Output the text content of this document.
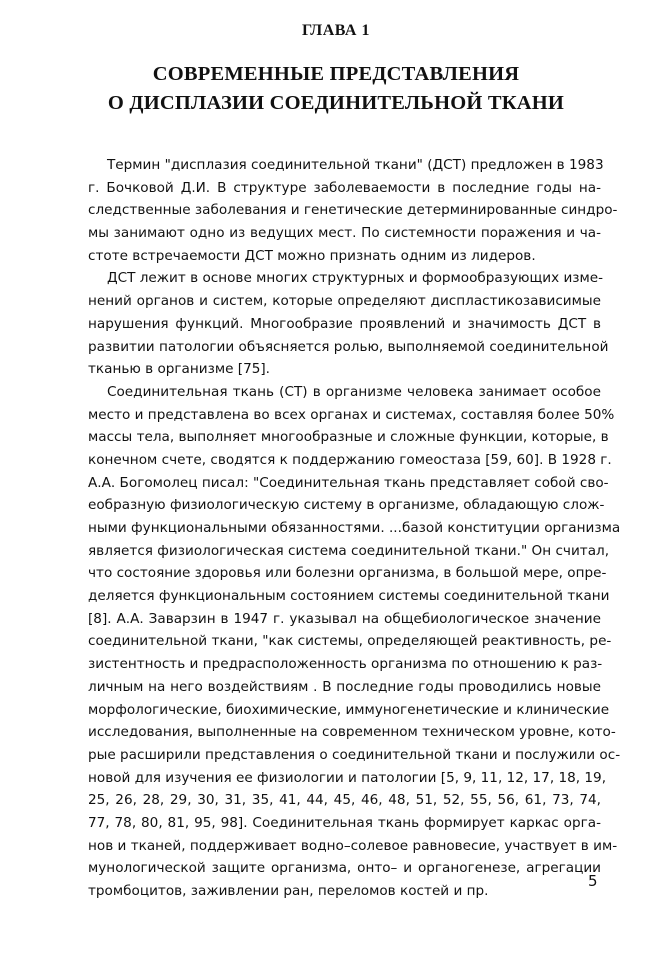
ГЛАВА 1
СОВРЕМЕННЫЕ ПРЕДСТАВЛЕНИЯ
О ДИСПЛАЗИИ СОЕДИНИТЕЛЬНОЙ ТКАНИ
Термин "дисплазия соединительной ткани" (ДСТ) предложен в 1983
г. Бочковой Д.И. В структуре заболеваемости в последние годы на-
следственные заболевания и генетические детерминированные синдро-
мы занимают одно из ведущих мест. По системности поражения и ча-
стоте встречаемости ДСТ можно признать одним из лидеров.
ДСТ лежит в основе многих структурных и формообразующих изме-
нений органов и систем, которые определяют диспластикозависимые
нарушения функций. Многообразие проявлений и значимость ДСТ в
развитии патологии объясняется ролью, выполняемой соединительной
тканью в организме [75].
Соединительная ткань (СТ) в организме человека занимает особое
место и представлена во всех органах и системах, составляя более 50%
массы тела, выполняет многообразные и сложные функции, которые, в
конечном счете, сводятся к поддержанию гомеостаза [59, 60]. В 1928 г.
А.А. Богомолец писал: "Соединительная ткань представляет собой сво-
еобразную физиологическую систему в организме, обладающую слож-
ными функциональными обязанностями. ...базой конституции организма
является физиологическая система соединительной ткани." Он считал,
что состояние здоровья или болезни организма, в большой мере, опре-
деляется функциональным состоянием системы соединительной ткани
[8]. А.А. Заварзин в 1947 г. указывал на общебиологическое значение
соединительной ткани, "как системы, определяющей реактивность, ре-
зистентность и предрасположенность организма по отношению к раз-
личным на него воздействиям . В последние годы проводились новые
морфологические, биохимические, иммуногенетические и клинические
исследования, выполненные на современном техническом уровне, кото-
рые расширили представления о соединительной ткани и послужили ос-
новой для изучения ее физиологии и патологии [5, 9, 11, 12, 17, 18, 19,
25, 26, 28, 29, 30, 31, 35, 41, 44, 45, 46, 48, 51, 52, 55, 56, 61, 73, 74,
77, 78, 80, 81, 95, 98]. Соединительная ткань формирует каркас орга-
нов и тканей, поддерживает водно–солевое равновесие, участвует в им-
мунологической защите организма, онто– и органогенезе, агрегации
тромбоцитов, заживлении ран, переломов костей и пр.
5
